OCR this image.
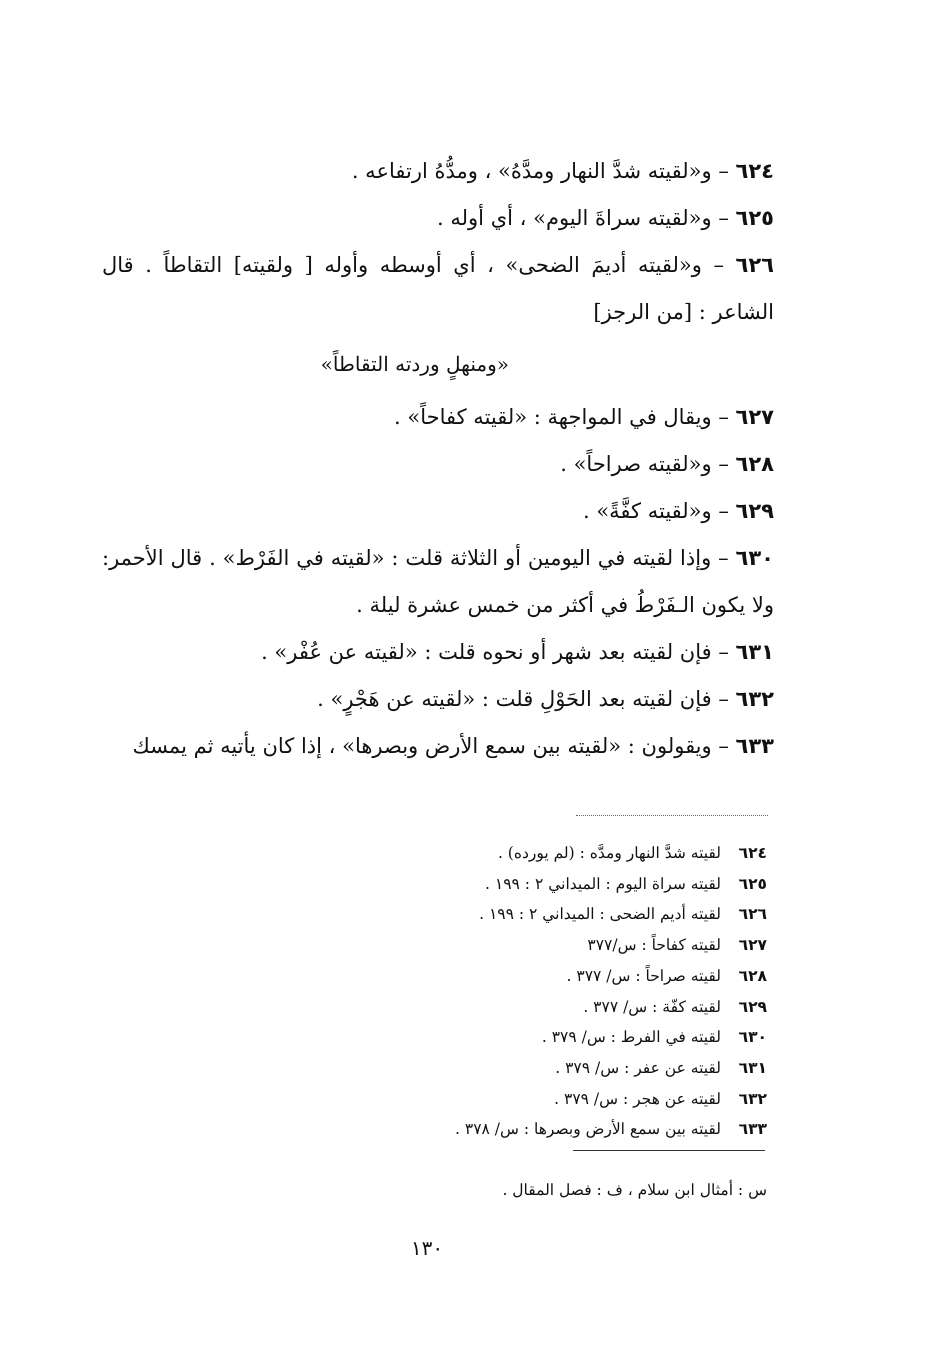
٦٢٤ – و«لقيته شدَّ النهار ومدَّهُ» ، ومدُّهُ ارتفاعه .

٦٢٥ – و«لقيته سراةَ اليوم» ، أي أوله .

٦٢٦ – و«لقيته أديمَ الضحى» ، أي أوسطه وأوله [ ولقيته] التقاطاً . قال الشاعر : [من الرجز]

«ومنهلٍ وردته التقاطاً»

٦٢٧ – ويقال في المواجهة : «لقيته كفاحاً» .

٦٢٨ – و«لقيته صراحاً» .

٦٢٩ – و«لقيته كفَّةً» .

٦٣٠ – وإذا لقيته في اليومين أو الثلاثة قلت : «لقيته في الفَرْط» . قال الأحمر: ولا يكون الـفَرْطُ في أكثر من خمس عشرة ليلة .

٦٣١ – فإن لقيته بعد شهر أو نحوه قلت : «لقيته عن عُفْر» .

٦٣٢ – فإن لقيته بعد الحَوْلِ قلت : «لقيته عن هَجْرٍ» .

٦٣٣ – ويقولون : «لقيته بين سمع الأرض وبصرها» ، إذا كان يأتيه ثم يمسك

٦٢٤لقيته شدَّ النهار ومدَّه : (لم يورده) .
٦٢٥لقيته سراة اليوم : الميداني ٢ : ١٩٩ .
٦٢٦لقيته أديم الضحى : الميداني ٢ : ١٩٩ .
٦٢٧لقيته كفاحاً : س/٣٧٧
٦٢٨لقيته صراحاً : س/ ٣٧٧ .
٦٢٩لقيته كفّة : س/ ٣٧٧ .
٦٣٠لقيته في الفرط : س/ ٣٧٩ .
٦٣١لقيته عن عفر : س/ ٣٧٩ .
٦٣٢لقيته عن هجر : س/ ٣٧٩ .
٦٣٣لقيته بين سمع الأرض وبصرها : س/ ٣٧٨ .
س : أمثال ابن سلام ، ف : فصل المقال .
١٣٠
